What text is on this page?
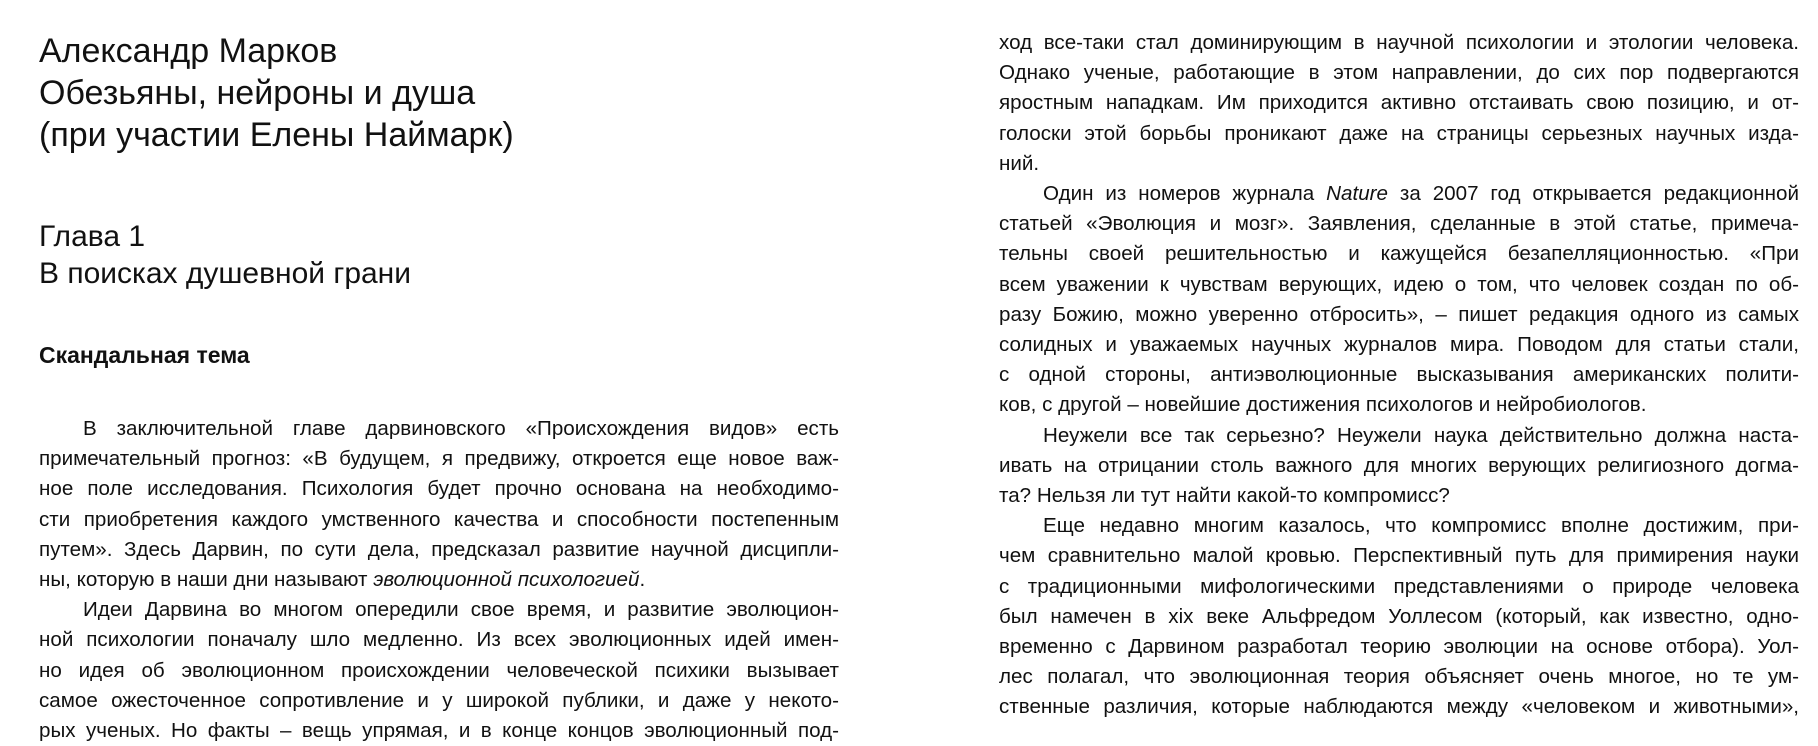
Александр Марков
Обезьяны, нейроны и душа
(при участии Елены Наймарк)
Глава 1
В поисках душевной грани
Скандальная тема

В заключительной главе дарвиновского «Происхождения видов» есть
примечательный прогноз: «В будущем, я предвижу, откроется еще новое важ-
ное поле исследования. Психология будет прочно основана на необходимо-
сти приобретения каждого умственного качества и способности постепенным
путем». Здесь Дарвин, по сути дела, предсказал развитие научной дисципли-
ны, которую в наши дни называют эволюционной психологией.

Идеи Дарвина во многом опередили свое время, и развитие эволюцион-
ной психологии поначалу шло медленно. Из всех эволюционных идей имен-
но идея об эволюционном происхождении человеческой психики вызывает
самое ожесточенное сопротивление и у широкой публики, и даже у некото-
рых ученых. Но факты – вещь упрямая, и в конце концов эволюционный под-

ход все-таки стал доминирующим в научной психологии и этологии человека.
Однако ученые, работающие в этом направлении, до сих пор подвергаются
яростным нападкам. Им приходится активно отстаивать свою позицию, и от-
голоски этой борьбы проникают даже на страницы серьезных научных изда-
ний.

Один из номеров журнала Nature за 2007 год открывается редакционной
статьей «Эволюция и мозг». Заявления, сделанные в этой статье, примеча-
тельны своей решительностью и кажущейся безапелляционностью. «При
всем уважении к чувствам верующих, идею о том, что человек создан по об-
разу Божию, можно уверенно отбросить», – пишет редакция одного из самых
солидных и уважаемых научных журналов мира. Поводом для статьи стали,
с одной стороны, антиэволюционные высказывания американских полити-
ков, с другой – новейшие достижения психологов и нейробиологов.

Неужели все так серьезно? Неужели наука действительно должна наста-
ивать на отрицании столь важного для многих верующих религиозного догма-
та? Нельзя ли тут найти какой-то компромисс?

Еще недавно многим казалось, что компромисс вполне достижим, при-
чем сравнительно малой кровью. Перспективный путь для примирения науки
с традиционными мифологическими представлениями о природе человека
был намечен в xix веке Альфредом Уоллесом (который, как известно, одно-
временно с Дарвином разработал теорию эволюции на основе отбора). Уол-
лес полагал, что эволюционная теория объясняет очень многое, но те ум-
ственные различия, которые наблюдаются между «человеком и животными»,
